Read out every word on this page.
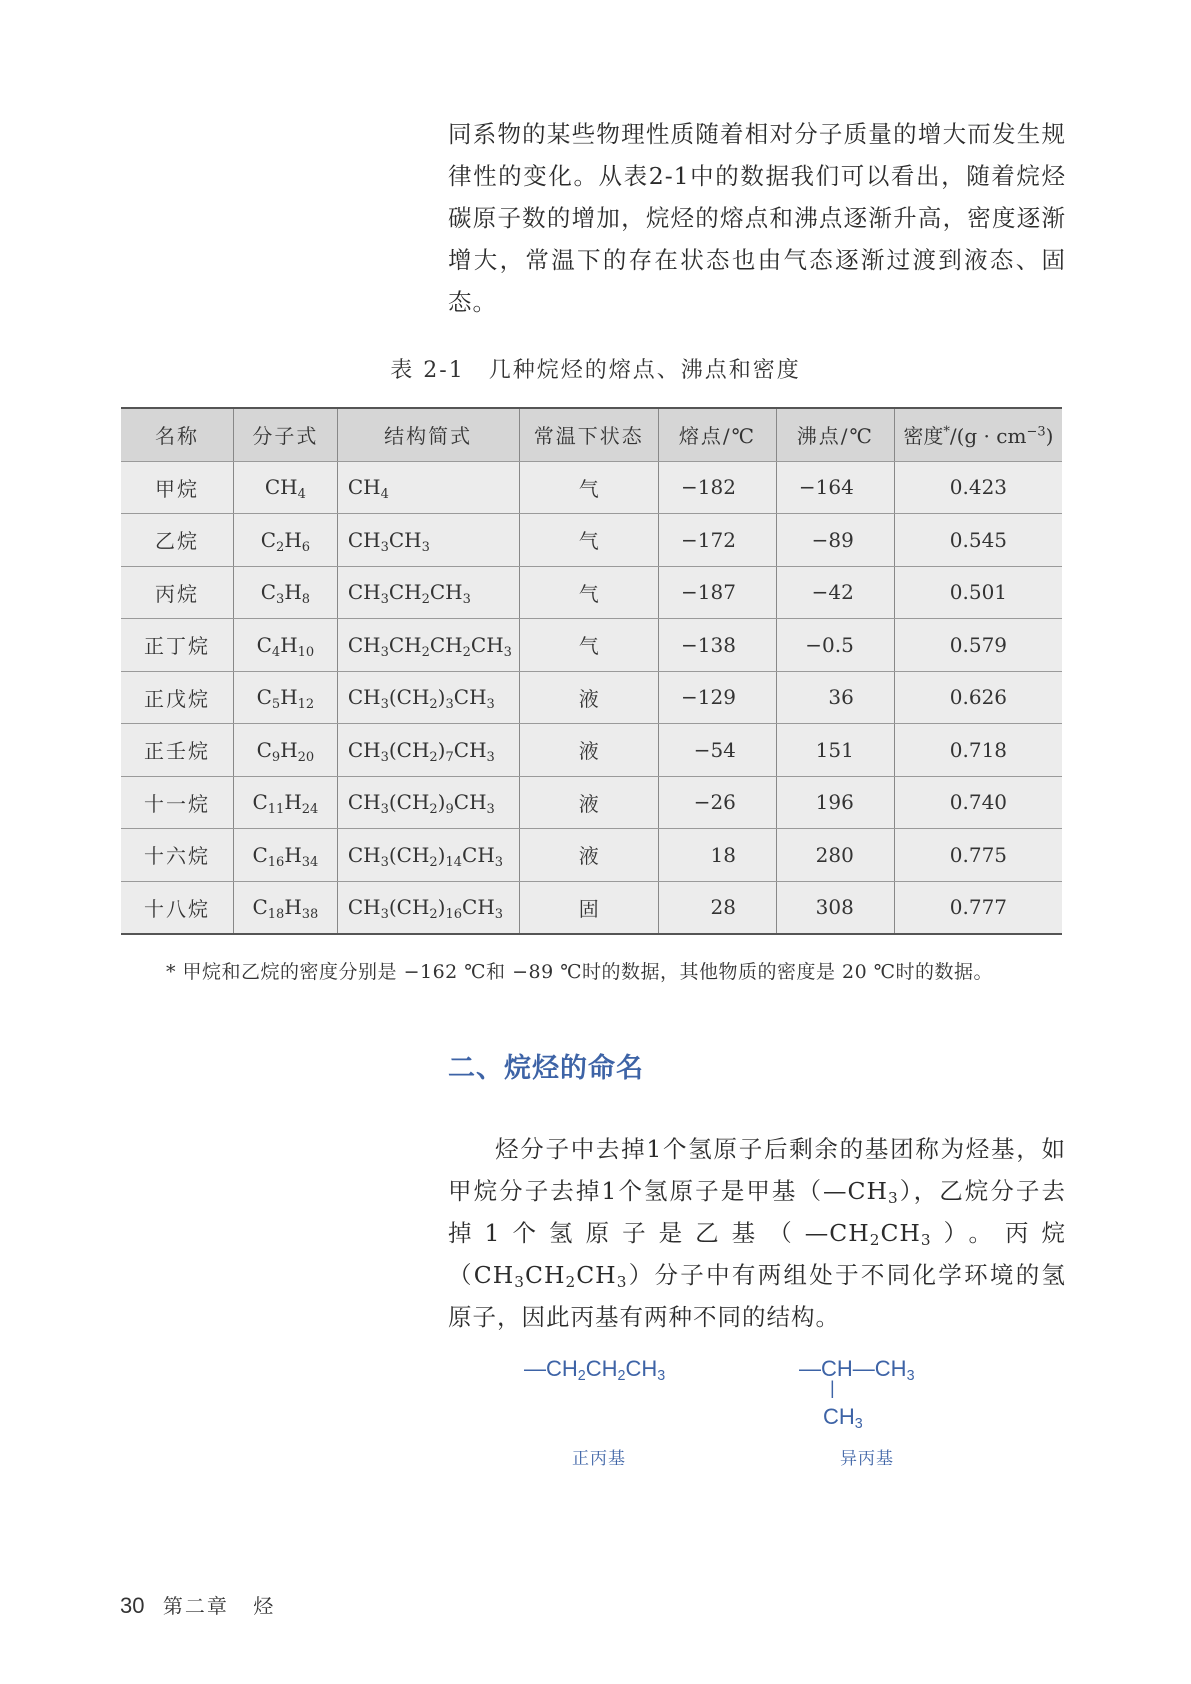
同系物的某些物理性质随着相对分子质量的增大而发生规律性的变化。从表2-1中的数据我们可以看出，随着烷烃碳原子数的增加，烷烃的熔点和沸点逐渐升高，密度逐渐增大，常温下的存在状态也由气态逐渐过渡到液态、固态。

表 2-1　几种烷烃的熔点、沸点和密度
名称	分子式	结构简式	常温下状态	熔点/℃	沸点/℃	密度$^*/(g \cdot cm^{-3})$
甲烷	$CH_4$	$CH_4$	气	−182	−164	0.423
乙烷	$C_2H_6$	$CH_3CH_3$	气	−172	−89	0.545
丙烷	$C_3H_8$	$CH_3CH_2CH_3$	气	−187	−42	0.501
正丁烷	$C_4H_{10}$	$CH_3CH_2CH_2CH_3$	气	−138	−0.5	0.579
正戊烷	$C_5H_{12}$	$CH_3(CH_2)_3CH_3$	液	−129	36	0.626
正壬烷	$C_9H_{20}$	$CH_3(CH_2)_7CH_3$	液	−54	151	0.718
十一烷	$C_{11}H_{24}$	$CH_3(CH_2)_9CH_3$	液	−26	196	0.740
十六烷	$C_{16}H_{34}$	$CH_3(CH_2)_{14}CH_3$	液	18	280	0.775
十八烷	$C_{18}H_{38}$	$CH_3(CH_2)_{16}CH_3$	固	28	308	0.777
* 甲烷和乙烷的密度分别是 −162 ℃和 −89 ℃时的数据，其他物质的密度是 20 ℃时的数据。
二、烷烃的命名

烃分子中去掉1个氢原子后剩余的基团称为烃基，如甲烷分子去掉1个氢原子是甲基$(—CH_3)$，乙烷分子去掉1个氢原子是乙基$(—CH_2CH_3)$。丙烷$(CH_3CH_2CH_3)$分子中有两组处于不同化学环境的氢原子，因此丙基有两种不同的结构。

$—CH_2CH_2CH_3$
正丙基
$—CH—CH_3$
|
$CH_3$
异丙基
30 第二章 烃
